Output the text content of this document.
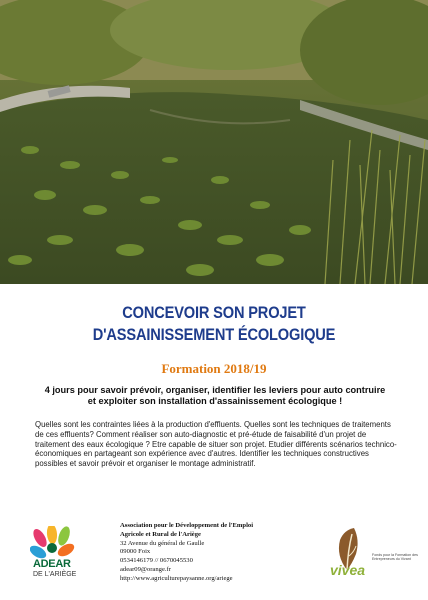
CONCEVOIR SON PROJET
D'ASSAINISSEMENT ÉCOLOGIQUE
Formation 2018/19
4 jours pour savoir prévoir, organiser, identifier les leviers pour auto contruire et exploiter son installation d'assainissement écologique !
Quelles sont les contraintes liées à la production d'effluents. Quelles sont les techniques de traitements de ces effluents? Comment réaliser son auto-diagnostic et pré-étude de faisabilité d'un projet de traitement des eaux écologique ? Etre capable de situer son projet. Etudier différents scénarios technico-économiques en partageant son expérience avec d'autres. Identifier les techniques constructives possibles et savoir prévoir et organiser le montage administratif.
ADEAR
DE L'ARIÈGE
Association pour le Développement de l'Emploi
Agricole et Rural de l'Ariège
32 Avenue du général de Gaulle
09000 Foix
0534146179 // 0670045530
adear09@orange.fr
http://www.agriculturepaysanne.org/ariege
vivea
Fonds pour la Formation des Entrepreneurs du Vivant
